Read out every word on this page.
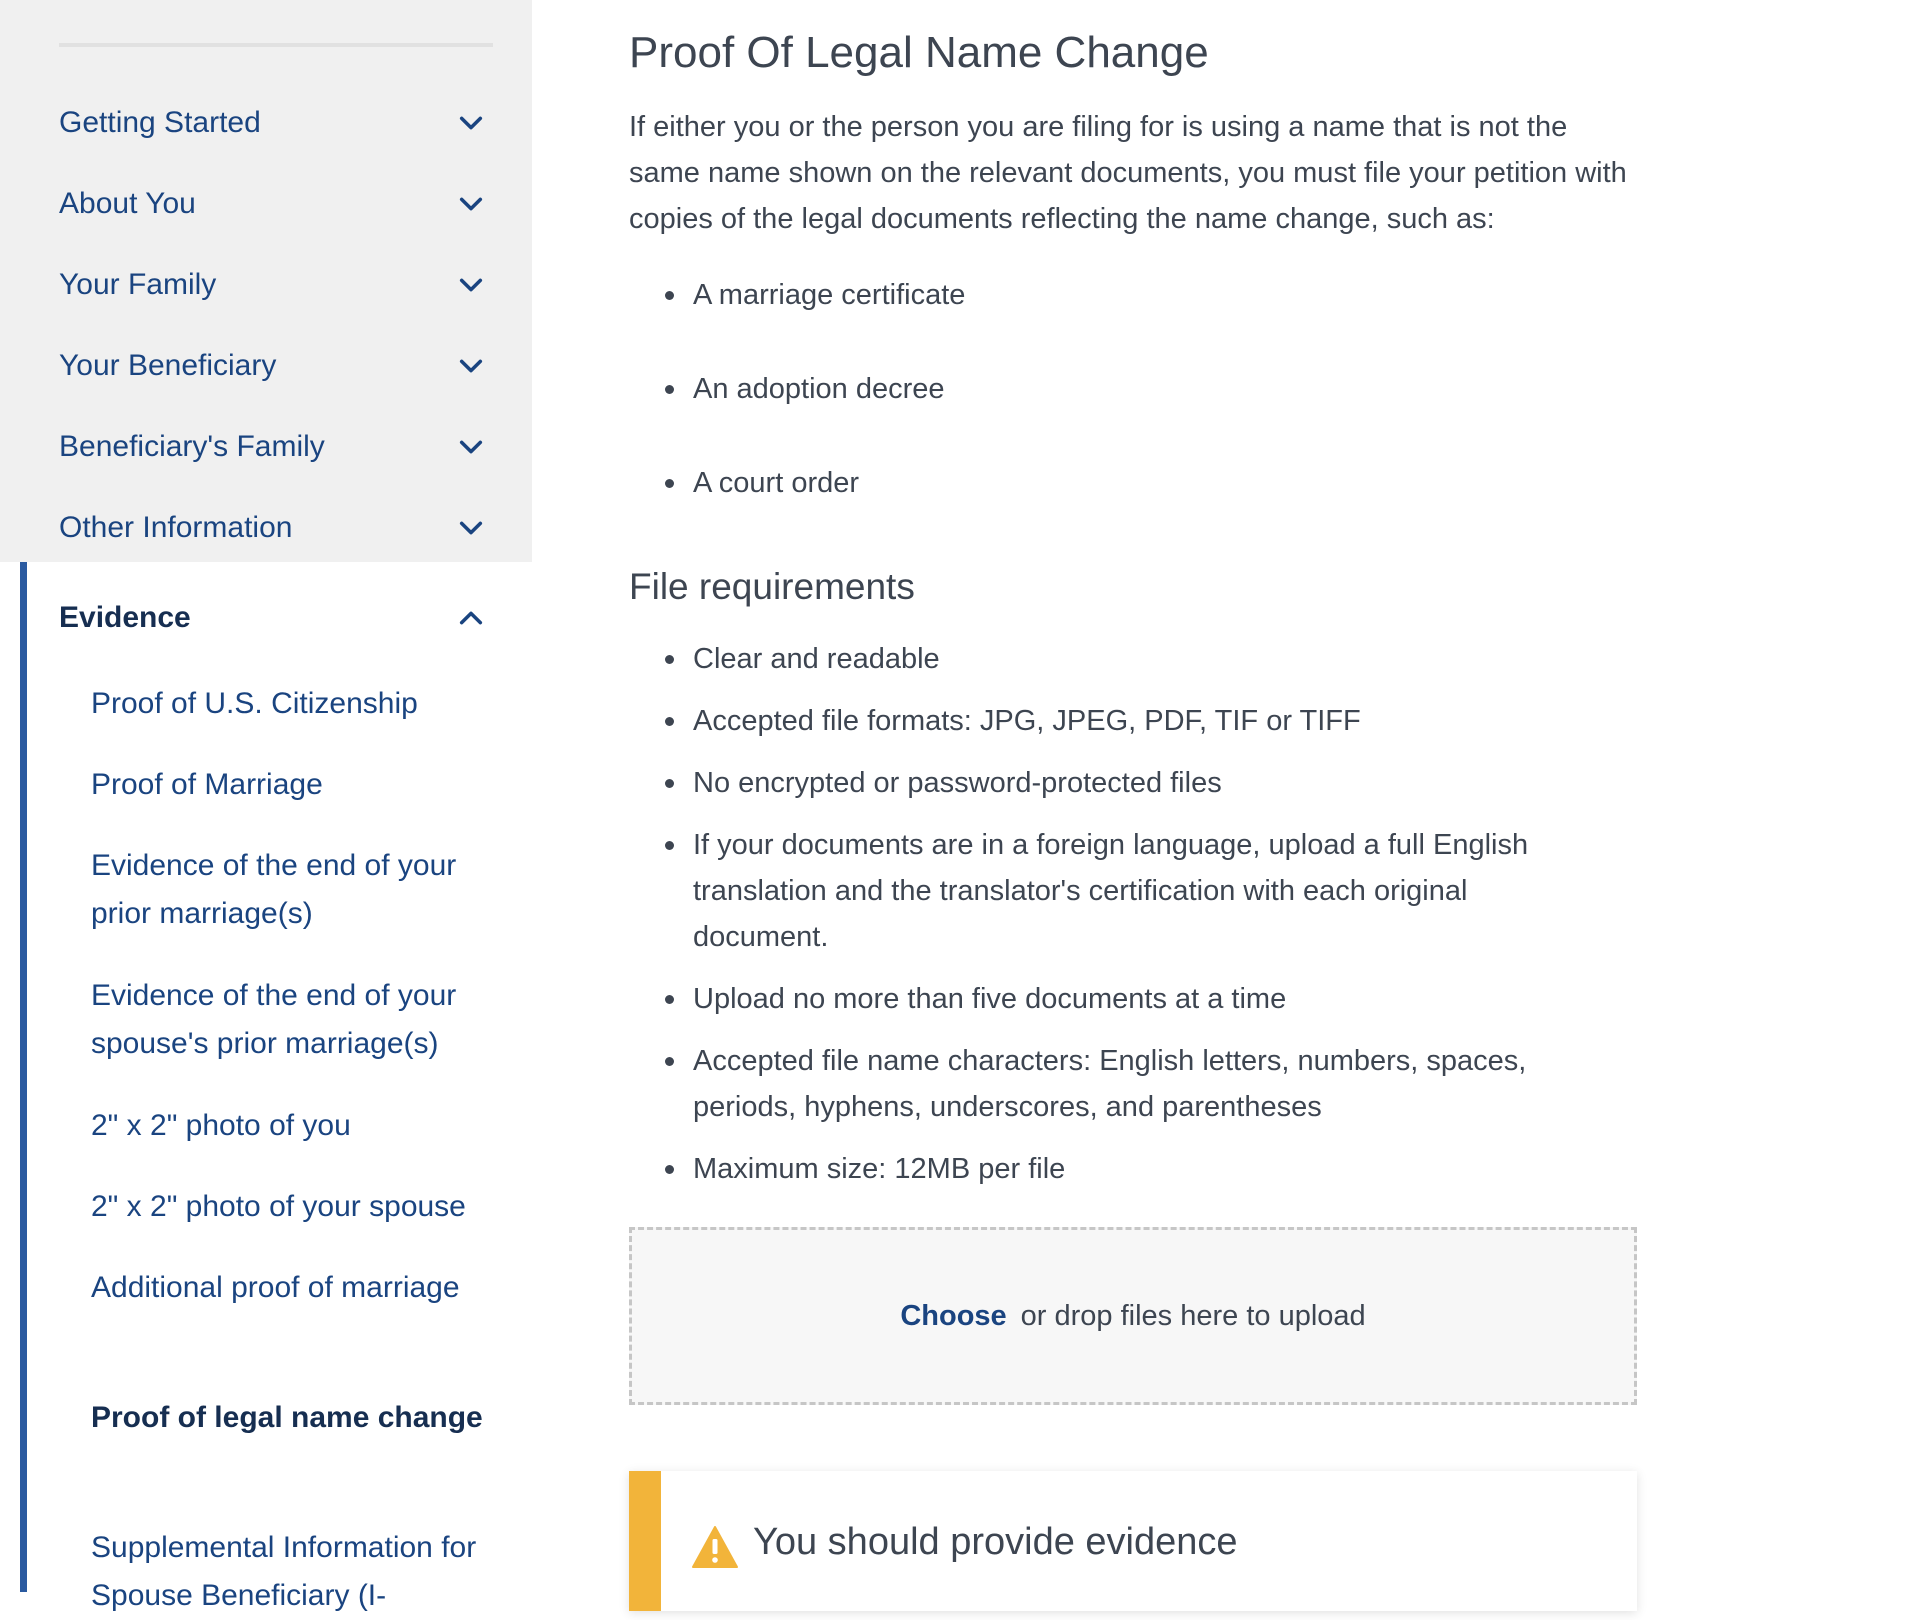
Getting Started
About You
Your Family
Your Beneficiary
Beneficiary's Family
Other Information
Evidence
Proof of U.S. Citizenship
Proof of Marriage
Evidence of the end of your prior marriage(s)
Evidence of the end of your spouse's prior marriage(s)
2" x 2" photo of you
2" x 2" photo of your spouse
Additional proof of marriage
Proof of legal name change
Supplemental Information for Spouse Beneficiary (I-
Proof Of Legal Name Change

If either you or the person you are filing for is using a name that is not the same name shown on the relevant documents, you must file your petition with copies of the legal documents reflecting the name change, such as:

A marriage certificate
An adoption decree
A court order
File requirements
Clear and readable
Accepted file formats: JPG, JPEG, PDF, TIF or TIFF
No encrypted or password-protected files
If your documents are in a foreign language, upload a full English translation and the translator's certification with each original document.
Upload no more than five documents at a time
Accepted file name characters: English letters, numbers, spaces, periods, hyphens, underscores, and parentheses
Maximum size: 12MB per file
Choose or drop files here to upload
You should provide evidence
